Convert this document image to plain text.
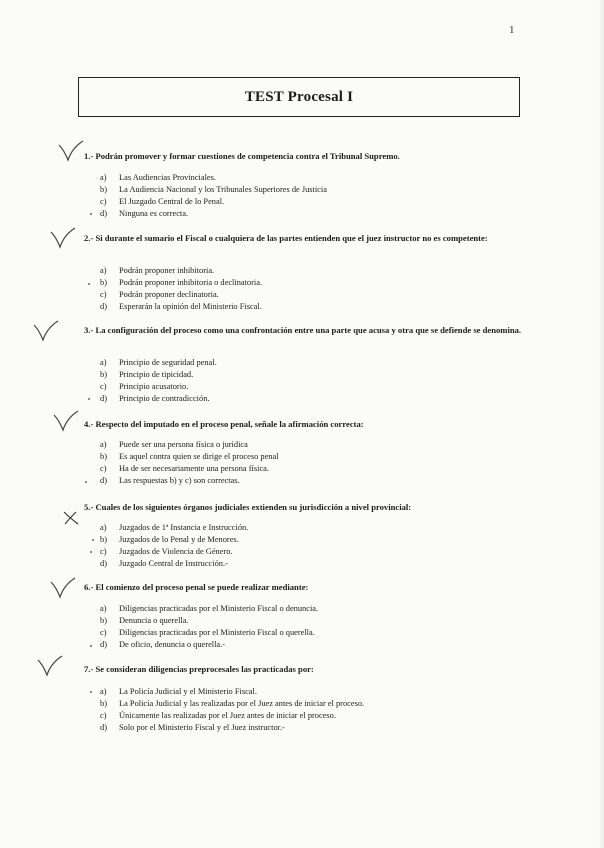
1
TEST Procesal I
1.- Podrán promover y formar cuestiones de competencia contra el Tribunal Supremo.
a) Las Audiencias Provinciales.
b) La Audiencia Nacional y los Tribunales Superiores de Justicia
c) El Juzgado Central de lo Penal.
d) Ninguna es correcta.
2.- Si durante el sumario el Fiscal o cualquiera de las partes entienden que el juez instructor no es competente:
a) Podrán proponer inhibitoria.
b) Podrán proponer inhibitoria o declinatoria.
c) Podrán proponer declinatoria.
d) Esperarán la opinión del Ministerio Fiscal.
3.- La configuración del proceso como una confrontación entre una parte que acusa y otra que se defiende se denomina.
a) Principio de seguridad penal.
b) Principio de tipicidad.
c) Principio acusatorio.
d) Principio de contradicción.
4.- Respecto del imputado en el proceso penal, señale la afirmación correcta:
a) Puede ser una persona física o jurídica
b) Es aquel contra quien se dirige el proceso penal
c) Ha de ser necesariamente una persona física.
d) Las respuestas b) y c) son correctas.
5.- Cuales de los siguientes órganos judiciales extienden su jurisdicción a nivel provincial:
a) Juzgados de 1ª Instancia e Instrucción.
b) Juzgados de lo Penal y de Menores.
c) Juzgados de Violencia de Género.
d) Juzgado Central de Instrucción.-
6.- El comienzo del proceso penal se puede realizar mediante:
a) Diligencias practicadas por el Ministerio Fiscal o denuncia.
b) Denuncia o querella.
c) Diligencias practicadas por el Ministerio Fiscal o querella.
d) De oficio, denuncia o querella.-
7.- Se consideran diligencias preprocesales las practicadas por:
a) La Policía Judicial y el Ministerio Fiscal.
b) La Policía Judicial y las realizadas por el Juez antes de iniciar el proceso.
c) Únicamente las realizadas por el Juez antes de iniciar el proceso.
d) Solo por el Ministerio Fiscal y el Juez instructor.-
